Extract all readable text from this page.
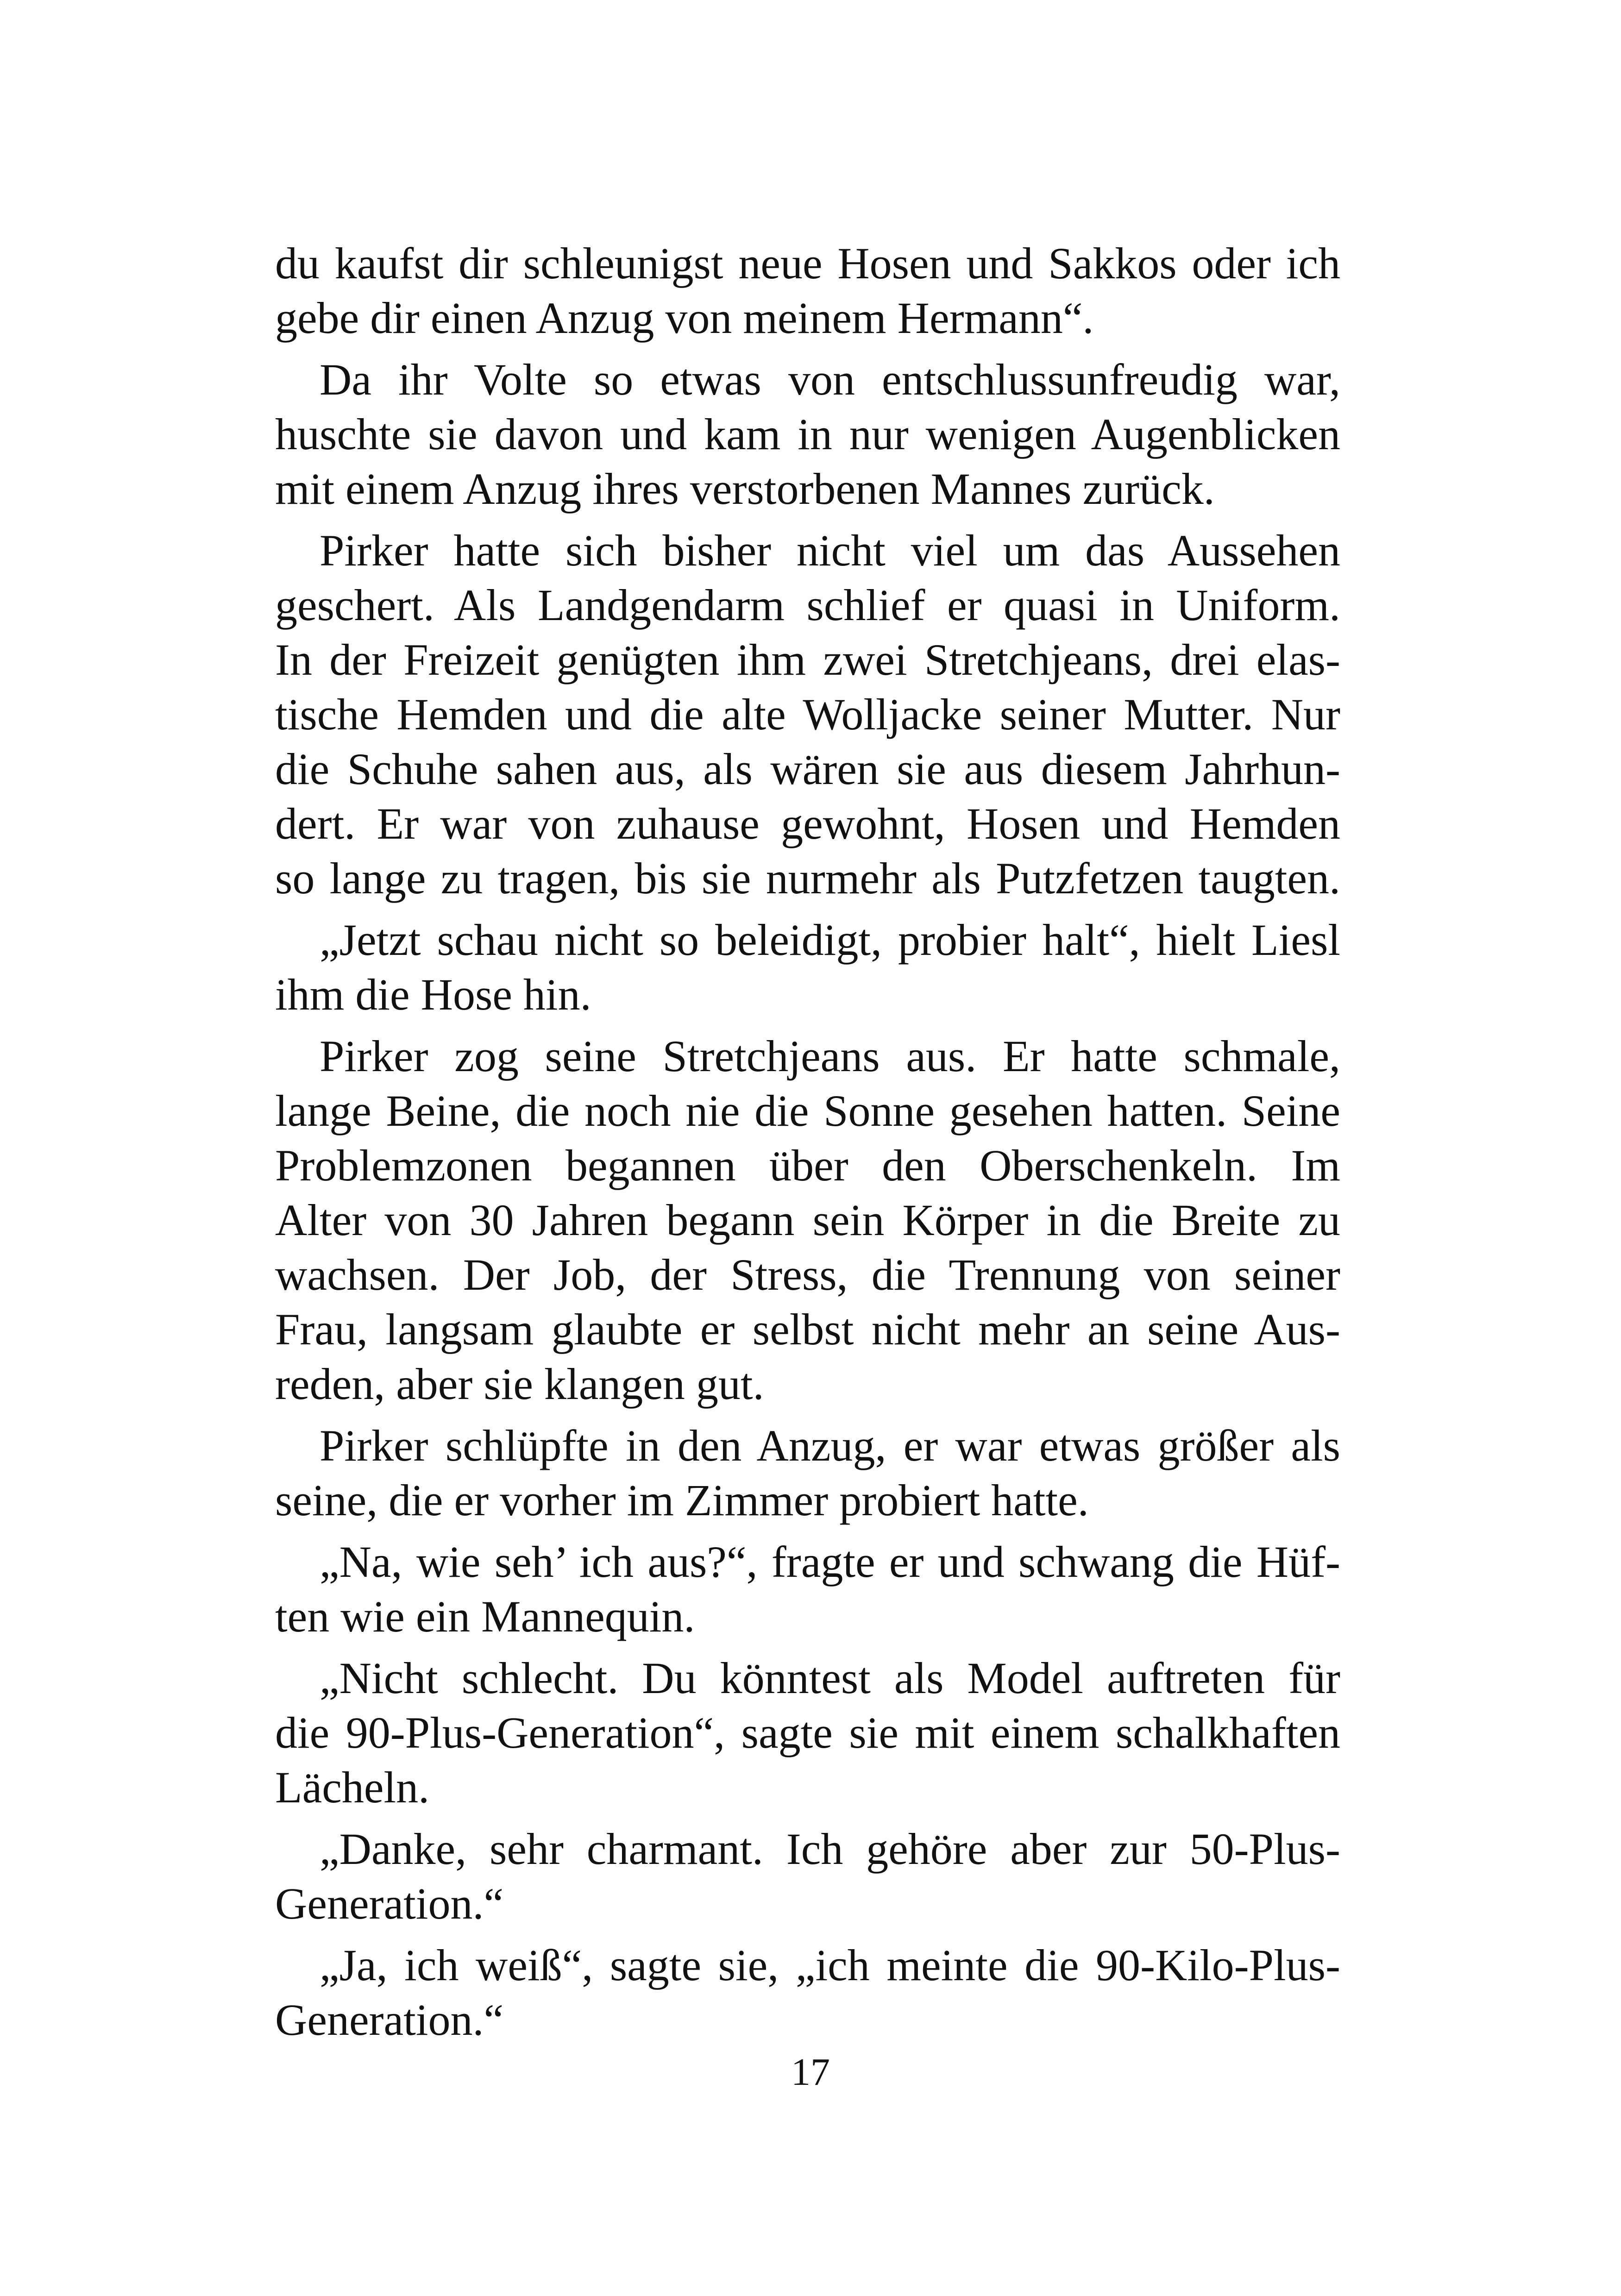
du kaufst dir schleunigst neue Hosen und Sakkos oder ich
gebe dir einen Anzug von meinem Hermann“.
Da ihr Volte so etwas von entschlussunfreudig war,
huschte sie davon und kam in nur wenigen Augenblicken
mit einem Anzug ihres verstorbenen Mannes zurück.
Pirker hatte sich bisher nicht viel um das Aussehen
geschert. Als Landgendarm schlief er quasi in Uniform.
In der Freizeit genügten ihm zwei Stretchjeans, drei elas-
tische Hemden und die alte Wolljacke seiner Mutter. Nur
die Schuhe sahen aus, als wären sie aus diesem Jahrhun-
dert. Er war von zuhause gewohnt, Hosen und Hemden
so lange zu tragen, bis sie nurmehr als Putzfetzen taugten.
„Jetzt schau nicht so beleidigt, probier halt“, hielt Liesl
ihm die Hose hin.
Pirker zog seine Stretchjeans aus. Er hatte schmale,
lange Beine, die noch nie die Sonne gesehen hatten. Seine
Problemzonen begannen über den Oberschenkeln. Im
Alter von 30 Jahren begann sein Körper in die Breite zu
wachsen. Der Job, der Stress, die Trennung von seiner
Frau, langsam glaubte er selbst nicht mehr an seine Aus-
reden, aber sie klangen gut.
Pirker schlüpfte in den Anzug, er war etwas größer als
seine, die er vorher im Zimmer probiert hatte.
„Na, wie seh’ ich aus?“, fragte er und schwang die Hüf-
ten wie ein Mannequin.
„Nicht schlecht. Du könntest als Model auftreten für
die 90-Plus-Generation“, sagte sie mit einem schalkhaften
Lächeln.
„Danke, sehr charmant. Ich gehöre aber zur 50-Plus-
Generation.“
„Ja, ich weiß“, sagte sie, „ich meinte die 90-Kilo-Plus-
Generation.“
17
